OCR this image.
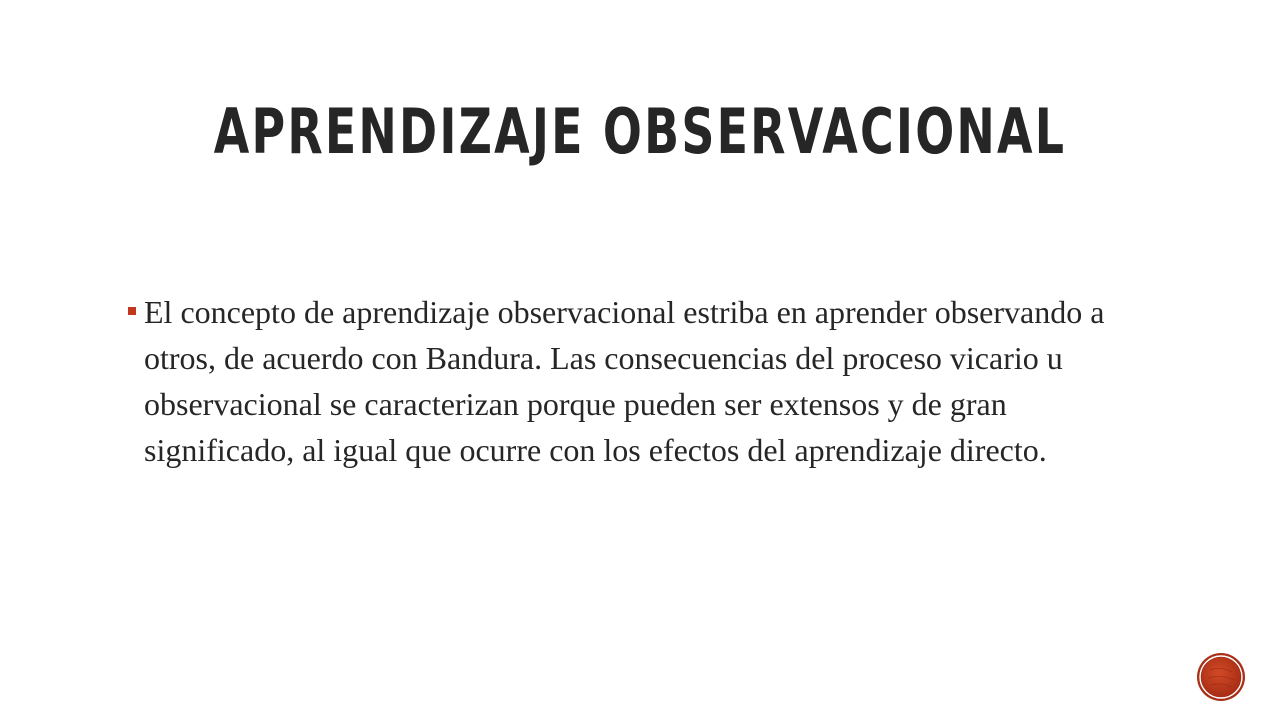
APRENDIZAJE OBSERVACIONAL

El concepto de aprendizaje observacional estriba en aprender observando a otros, de acuerdo con Bandura. Las consecuencias del proceso vicario u observacional se caracterizan porque pueden ser extensos y de gran significado, al igual que ocurre con los efectos del aprendizaje directo.
